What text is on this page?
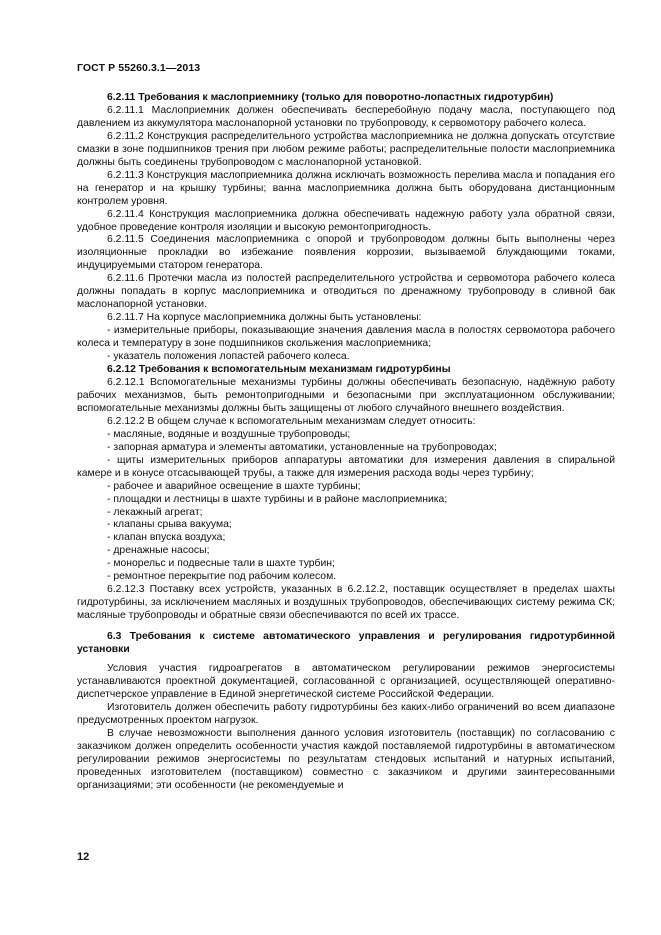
ГОСТ Р 55260.3.1—2013

6.2.11 Требования к маслоприемнику (только для поворотно-лопастных гидротурбин)

6.2.11.1 Маслоприемник должен обеспечивать бесперебойную подачу масла, поступающего под давлением из аккумулятора маслонапорной установки по трубопроводу, к сервомотору рабочего колеса.

6.2.11.2 Конструкция распределительного устройства маслоприемника не должна допускать отсутствие смазки в зоне подшипников трения при любом режиме работы; распределительные полости маслоприемника должны быть соединены трубопроводом с маслонапорной установкой.

6.2.11.3 Конструкция маслоприемника должна исключать возможность перелива масла и попадания его на генератор и на крышку турбины; ванна маслоприемника должна быть оборудована дистанционным контролем уровня.

6.2.11.4 Конструкция маслоприемника должна обеспечивать надежную работу узла обратной связи, удобное проведение контроля изоляции и высокую ремонтопригодность.

6.2.11.5 Соединения маслоприемника с опорой и трубопроводом должны быть выполнены через изоляционные прокладки во избежание появления коррозии, вызываемой блуждающими токами, индуцируемыми статором генератора.

6.2.11.6 Протечки масла из полостей распределительного устройства и сервомотора рабочего колеса должны попадать в корпус маслоприемника и отводиться по дренажному трубопроводу в сливной бак маслонапорной установки.

6.2.11.7 На корпусе маслоприемника должны быть установлены:

- измерительные приборы, показывающие значения давления масла в полостях сервомотора рабочего колеса и температуру в зоне подшипников скольжения маслоприемника;

- указатель положения лопастей рабочего колеса.

6.2.12 Требования к вспомогательным механизмам гидротурбины

6.2.12.1 Вспомогательные механизмы турбины должны обеспечивать безопасную, надёжную работу рабочих механизмов, быть ремонтопригодными и безопасными при эксплуатационном обслуживании; вспомогательные механизмы должны быть защищены от любого случайного внешнего воздействия.

6.2.12.2 В общем случае к вспомогательным механизмам следует относить:

- масляные, водяные и воздушные трубопроводы;

- запорная арматура и элементы автоматики, установленные на трубопроводах;

- щиты измерительных приборов аппаратуры автоматики для измерения давления в спиральной камере и в конусе отсасывающей трубы, а также для измерения расхода воды через турбину;

- рабочее и аварийное освещение в шахте турбины;

- площадки и лестницы в шахте турбины и в районе маслоприемника;

- лекажный агрегат;

- клапаны срыва вакуума;

- клапан впуска воздуха;

- дренажные насосы;

- монорельс и подвесные тали в шахте турбин;

- ремонтное перекрытие под рабочим колесом.

6.2.12.3 Поставку всех устройств, указанных в 6.2.12.2, поставщик осуществляет в пределах шахты гидротурбины, за исключением масляных и воздушных трубопроводов, обеспечивающих систему режима СК; масляные трубопроводы и обратные связи обеспечиваются по всей их трассе.

6.3 Требования к системе автоматического управления и регулирования гидротурбинной установки

Условия участия гидроагрегатов в автоматическом регулировании режимов энергосистемы устанавливаются проектной документацией, согласованной с организацией, осуществляющей оперативно-диспетчерское управление в Единой энергетической системе Российской Федерации.

Изготовитель должен обеспечить работу гидротурбины без каких-либо ограничений во всем диапазоне предусмотренных проектом нагрузок.

В случае невозможности выполнения данного условия изготовитель (поставщик) по согласованию с заказчиком должен определить особенности участия каждой поставляемой гидротурбины в автоматическом регулировании режимов энергосистемы по результатам стендовых испытаний и натурных испытаний, проведенных изготовителем (поставщиком) совместно с заказчиком и другими заинтересованными организациями; эти особенности (не рекомендуемые и

12
